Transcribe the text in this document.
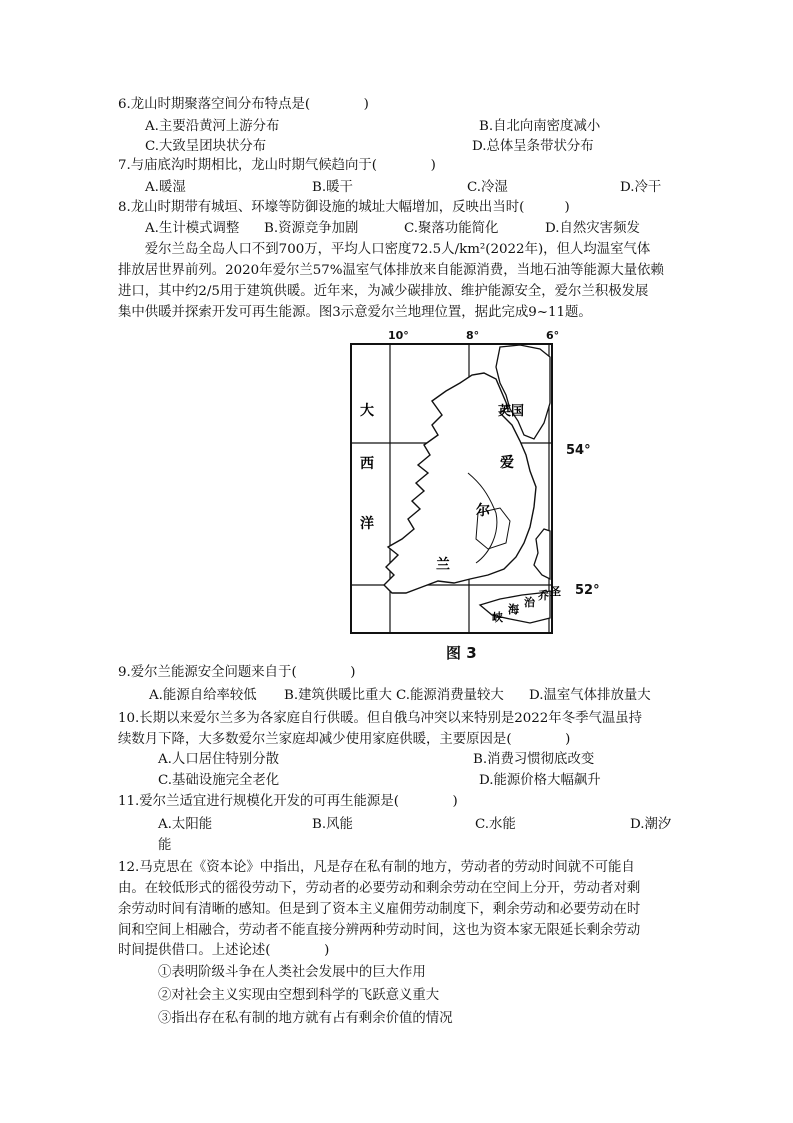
6.龙山时期聚落空间分布特点是(　　　　)
A.主要沿黄河上游分布	B.自北向南密度减小
C.大致呈团块状分布	D.总体呈条带状分布
7.与庙底沟时期相比，龙山时期气候趋向于(　　　　)
A.暖湿	B.暖干	C.冷湿	D.冷干
8.龙山时期带有城垣、环壕等防御设施的城址大幅增加，反映出当时(　　　)
A.生计模式调整 B.资源竞争加剧	C.聚落功能简化	D.自然灾害频发
　　爱尔兰岛全岛人口不到700万，平均人口密度72.5人/km²(2022年)，但人均温室气体
排放居世界前列。2020年爱尔兰57%温室气体排放来自能源消费，当地石油等能源大量依赖
进口，其中约2/5用于建筑供暖。近年来，为减少碳排放、维护能源安全，爱尔兰积极发展
集中供暖并探索开发可再生能源。图3示意爱尔兰地理位置，据此完成9~11题。
10°	8°	6°
54°
52°
大
西
洋
英国
爱
尔
兰
圣
乔
治
海
峡
图 3
9.爱尔兰能源安全问题来自于(　　　　)
A.能源自给率较低 B.建筑供暖比重大 C.能源消费量较大 D.温室气体排放量大
10.长期以来爱尔兰多为各家庭自行供暖。但自俄乌冲突以来特别是2022年冬季气温虽持
续数月下降，大多数爱尔兰家庭却减少使用家庭供暖，主要原因是(　　　　)
A.人口居住特别分散	B.消费习惯彻底改变
C.基础设施完全老化	D.能源价格大幅飙升
11.爱尔兰适宜进行规模化开发的可再生能源是(　　　　)
A.太阳能	B.风能	C.水能	D.潮汐
能
12.马克思在《资本论》中指出，凡是存在私有制的地方，劳动者的劳动时间就不可能自
由。在较低形式的徭役劳动下，劳动者的必要劳动和剩余劳动在空间上分开，劳动者对剩
余劳动时间有清晰的感知。但是到了资本主义雇佣劳动制度下，剩余劳动和必要劳动在时
间和空间上相融合，劳动者不能直接分辨两种劳动时间，这也为资本家无限延长剩余劳动
时间提供借口。上述论述(　　　　)
①表明阶级斗争在人类社会发展中的巨大作用
②对社会主义实现由空想到科学的飞跃意义重大
③指出存在私有制的地方就有占有剩余价值的情况
